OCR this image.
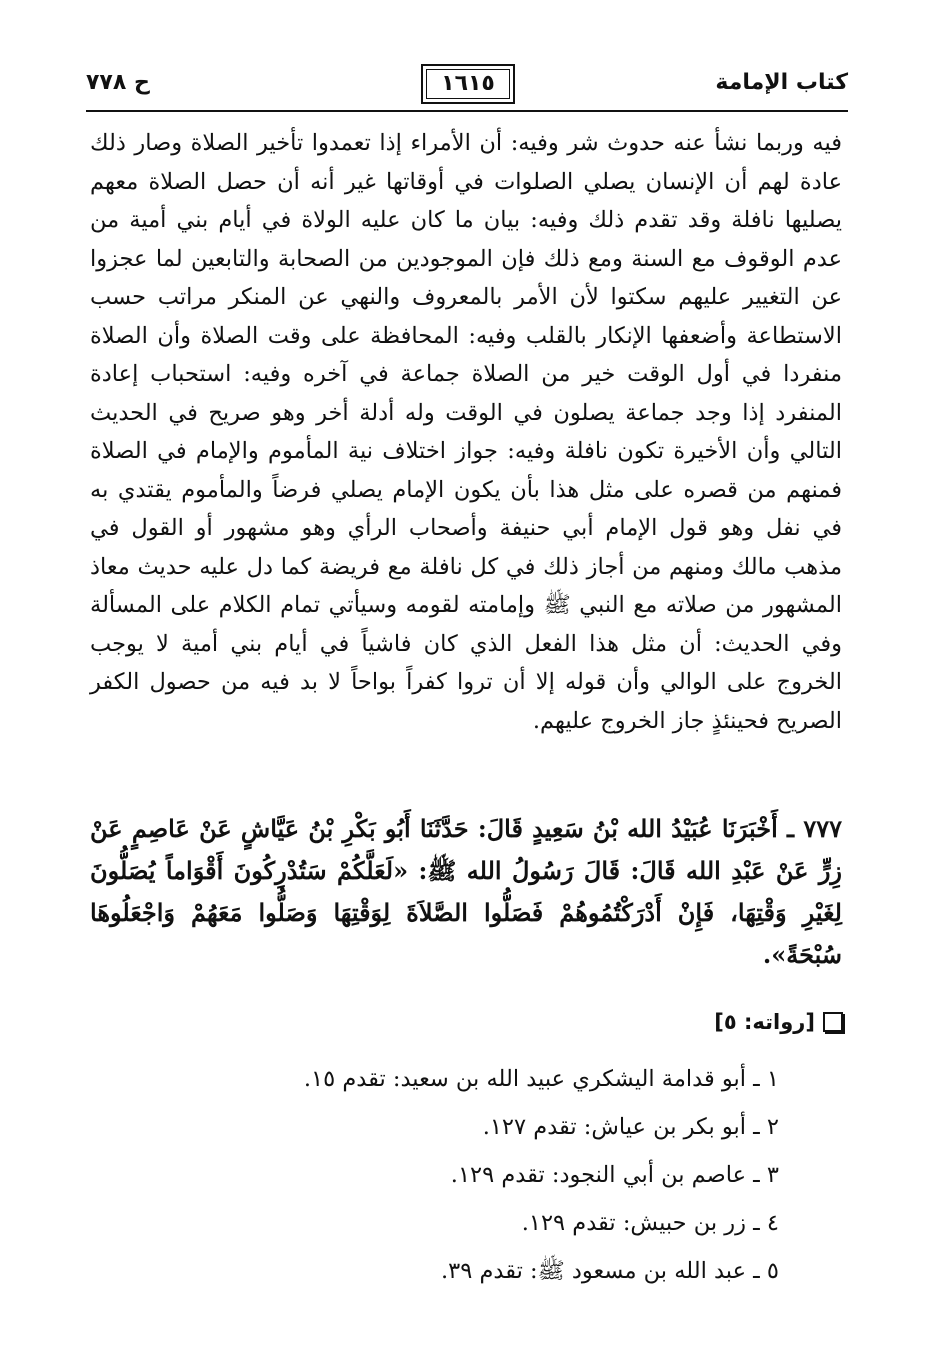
كتاب الإمامة
١٦١٥
ح ٧٧٨

فيه وربما نشأ عنه حدوث شر وفيه: أن الأمراء إذا تعمدوا تأخير الصلاة وصار ذلك عادة لهم أن الإنسان يصلي الصلوات في أوقاتها غير أنه أن حصل الصلاة معهم يصليها نافلة وقد تقدم ذلك وفيه: بيان ما كان عليه الولاة في أيام بني أمية من عدم الوقوف مع السنة ومع ذلك فإن الموجودين من الصحابة والتابعين لما عجزوا عن التغيير عليهم سكتوا لأن الأمر بالمعروف والنهي عن المنكر مراتب حسب الاستطاعة وأضعفها الإنكار بالقلب وفيه: المحافظة على وقت الصلاة وأن الصلاة منفردا في أول الوقت خير من الصلاة جماعة في آخره وفيه: استحباب إعادة المنفرد إذا وجد جماعة يصلون في الوقت وله أدلة أخر وهو صريح في الحديث التالي وأن الأخيرة تكون نافلة وفيه: جواز اختلاف نية المأموم والإمام في الصلاة فمنهم من قصره على مثل هذا بأن يكون الإمام يصلي فرضاً والمأموم يقتدي به في نفل وهو قول الإمام أبي حنيفة وأصحاب الرأي وهو مشهور أو القول في مذهب مالك ومنهم من أجاز ذلك في كل نافلة مع فريضة كما دل عليه حديث معاذ المشهور من صلاته مع النبي ﷺ وإمامته لقومه وسيأتي تمام الكلام على المسألة وفي الحديث: أن مثل هذا الفعل الذي كان فاشياً في أيام بني أمية لا يوجب الخروج على الوالي وأن قوله إلا أن تروا كفراً بواحاً لا بد فيه من حصول الكفر الصريح فحينئذٍ جاز الخروج عليهم.

٧٧٧ ـ أَخْبَرَنَا عُبَيْدُ الله بْنُ سَعِيدٍ قَالَ: حَدَّثَنَا أَبُو بَكْرِ بْنُ عَيَّاشٍ عَنْ عَاصِمٍ عَنْ زِرٍّ عَنْ عَبْدِ الله قَالَ: قَالَ رَسُولُ الله ﷺ: «لَعَلَّكُمْ سَتُدْرِكُونَ أَقْوَاماً يُصَلُّونَ لِغَيْرِ وَقْتِهَا، فَإِنْ أَدْرَكْتُمُوهُمْ فَصَلُّوا الصَّلاَةَ لِوَقْتِهَا وَصَلُّوا مَعَهُمْ وَاجْعَلُوهَا سُبْحَةً».

[رواته: ٥]
١ ـ أبو قدامة اليشكري عبيد الله بن سعيد: تقدم ١٥.
٢ ـ أبو بكر بن عياش: تقدم ١٢٧.
٣ ـ عاصم بن أبي النجود: تقدم ١٢٩.
٤ ـ زر بن حبيش: تقدم ١٢٩.
٥ ـ عبد الله بن مسعود ﷺ: تقدم ٣٩.
